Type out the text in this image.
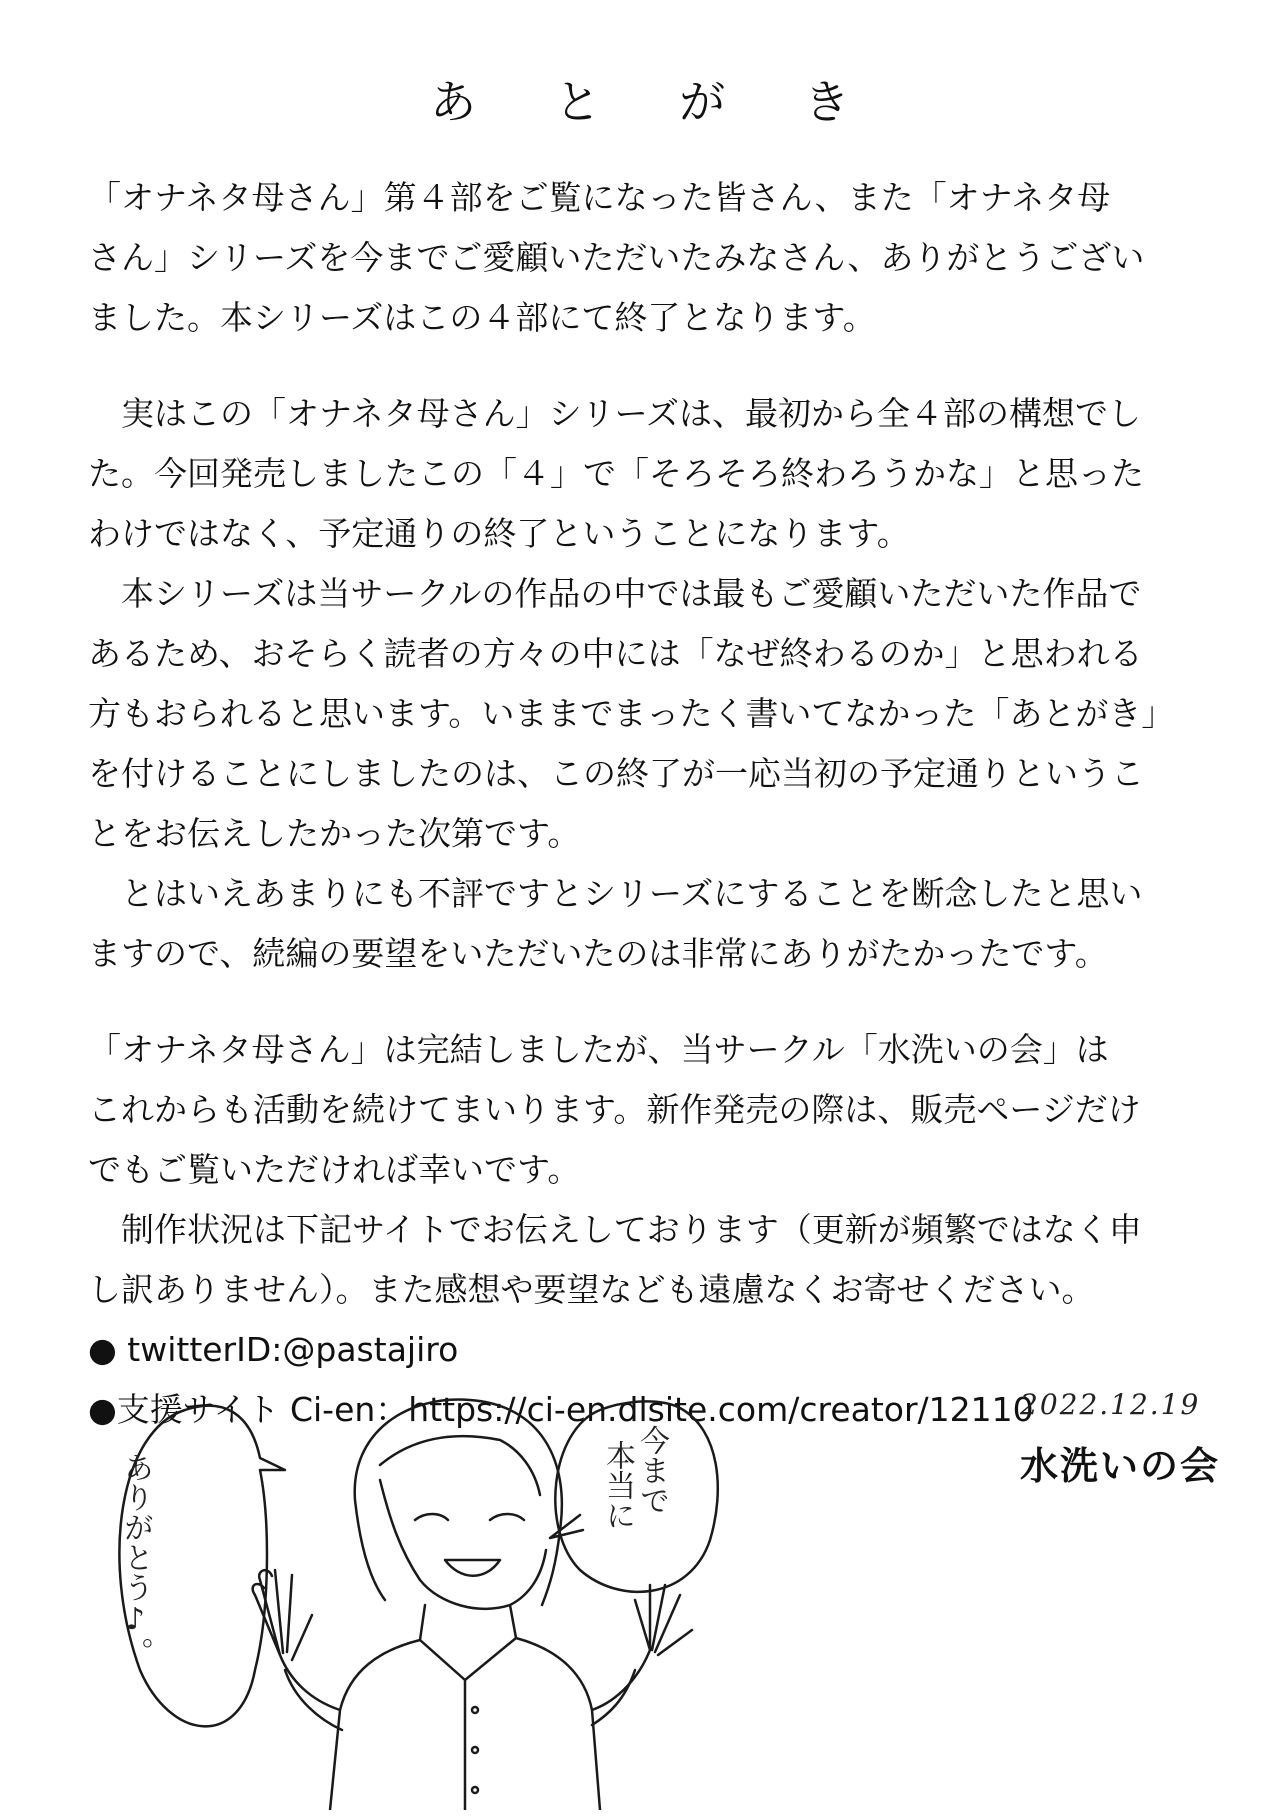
あ と が き
「オナネタ母さん」第４部をご覧になった皆さん、また「オナネタ母
さん」シリーズを今までご愛顧いただいたみなさん、ありがとうござい
ました。本シリーズはこの４部にて終了となります。
　実はこの「オナネタ母さん」シリーズは、最初から全４部の構想でし
た。今回発売しましたこの「４」で「そろそろ終わろうかな」と思った
わけではなく、予定通りの終了ということになります。
　本シリーズは当サークルの作品の中では最もご愛顧いただいた作品で
あるため、おそらく読者の方々の中には「なぜ終わるのか」と思われる
方もおられると思います。いままでまったく書いてなかった「あとがき」
を付けることにしましたのは、この終了が一応当初の予定通りというこ
とをお伝えしたかった次第です。
　とはいえあまりにも不評ですとシリーズにすることを断念したと思い
ますので、続編の要望をいただいたのは非常にありがたかったです。
「オナネタ母さん」は完結しましたが、当サークル「水洗いの会」は
これからも活動を続けてまいります。新作発売の際は、販売ページだけ
でもご覧いただければ幸いです。
　制作状況は下記サイトでお伝えしております（更新が頻繁ではなく申
し訳ありません）。また感想や要望なども遠慮なくお寄せください。
● twitterID:@pastajiro
●支援サイト Ci-en：https://ci-en.dlsite.com/creator/12110
ありがとう♪。	今まで
本当に
2022.12.19
水洗いの会
